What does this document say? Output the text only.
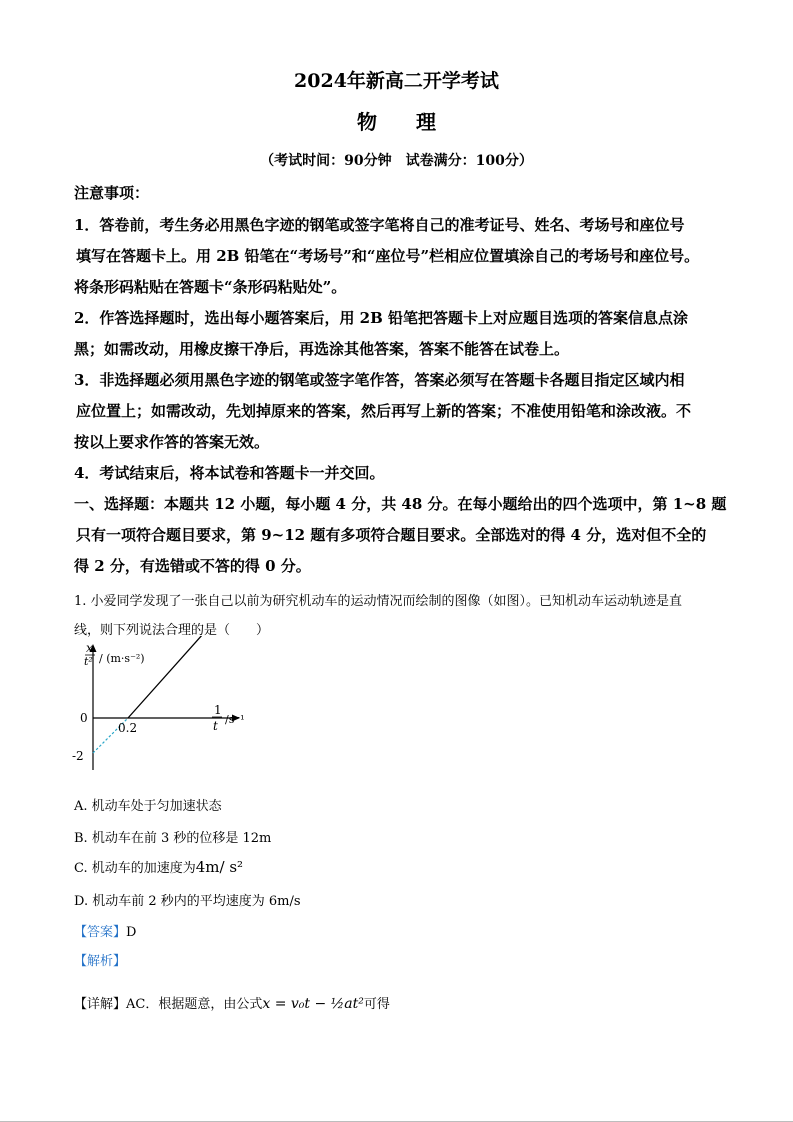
2024年新高二开学考试
物 理
（考试时间：90分钟　试卷满分：100分）
注意事项：
1．答卷前，考生务必用黑色字迹的钢笔或签字笔将自己的准考证号、姓名、考场号和座位号
填写在答题卡上。用 2B 铅笔在“考场号”和“座位号”栏相应位置填涂自己的考场号和座位号。
将条形码粘贴在答题卡“条形码粘贴处”。
2．作答选择题时，选出每小题答案后，用 2B 铅笔把答题卡上对应题目选项的答案信息点涂
黑；如需改动，用橡皮擦干净后，再选涂其他答案，答案不能答在试卷上。
3．非选择题必须用黑色字迹的钢笔或签字笔作答，答案必须写在答题卡各题目指定区域内相
应位置上；如需改动，先划掉原来的答案，然后再写上新的答案；不准使用铅笔和涂改液。不
按以上要求作答的答案无效。
4．考试结束后，将本试卷和答题卡一并交回。
一、选择题：本题共 12 小题，每小题 4 分，共 48 分。在每小题给出的四个选项中，第 1~8 题
只有一项符合题目要求，第 9~12 题有多项符合题目要求。全部选对的得 4 分，选对但不全的
得 2 分，有选错或不答的得 0 分。
1. 小爱同学发现了一张自己以前为研究机动车的运动情况而绘制的图像（如图）。已知机动车运动轨迹是直
线，则下列说法合理的是（　　）
x
t² / (m·s⁻²)
0
0.2
-2
1
t /s⁻¹
A. 机动车处于匀加速状态
B. 机动车在前 3 秒的位移是 12m
C. 机动车的加速度为4m/ s²
D. 机动车前 2 秒内的平均速度为 6m/s
【答案】D
【解析】
【详解】AC．根据题意，由公式x = v₀t − ½at²可得
